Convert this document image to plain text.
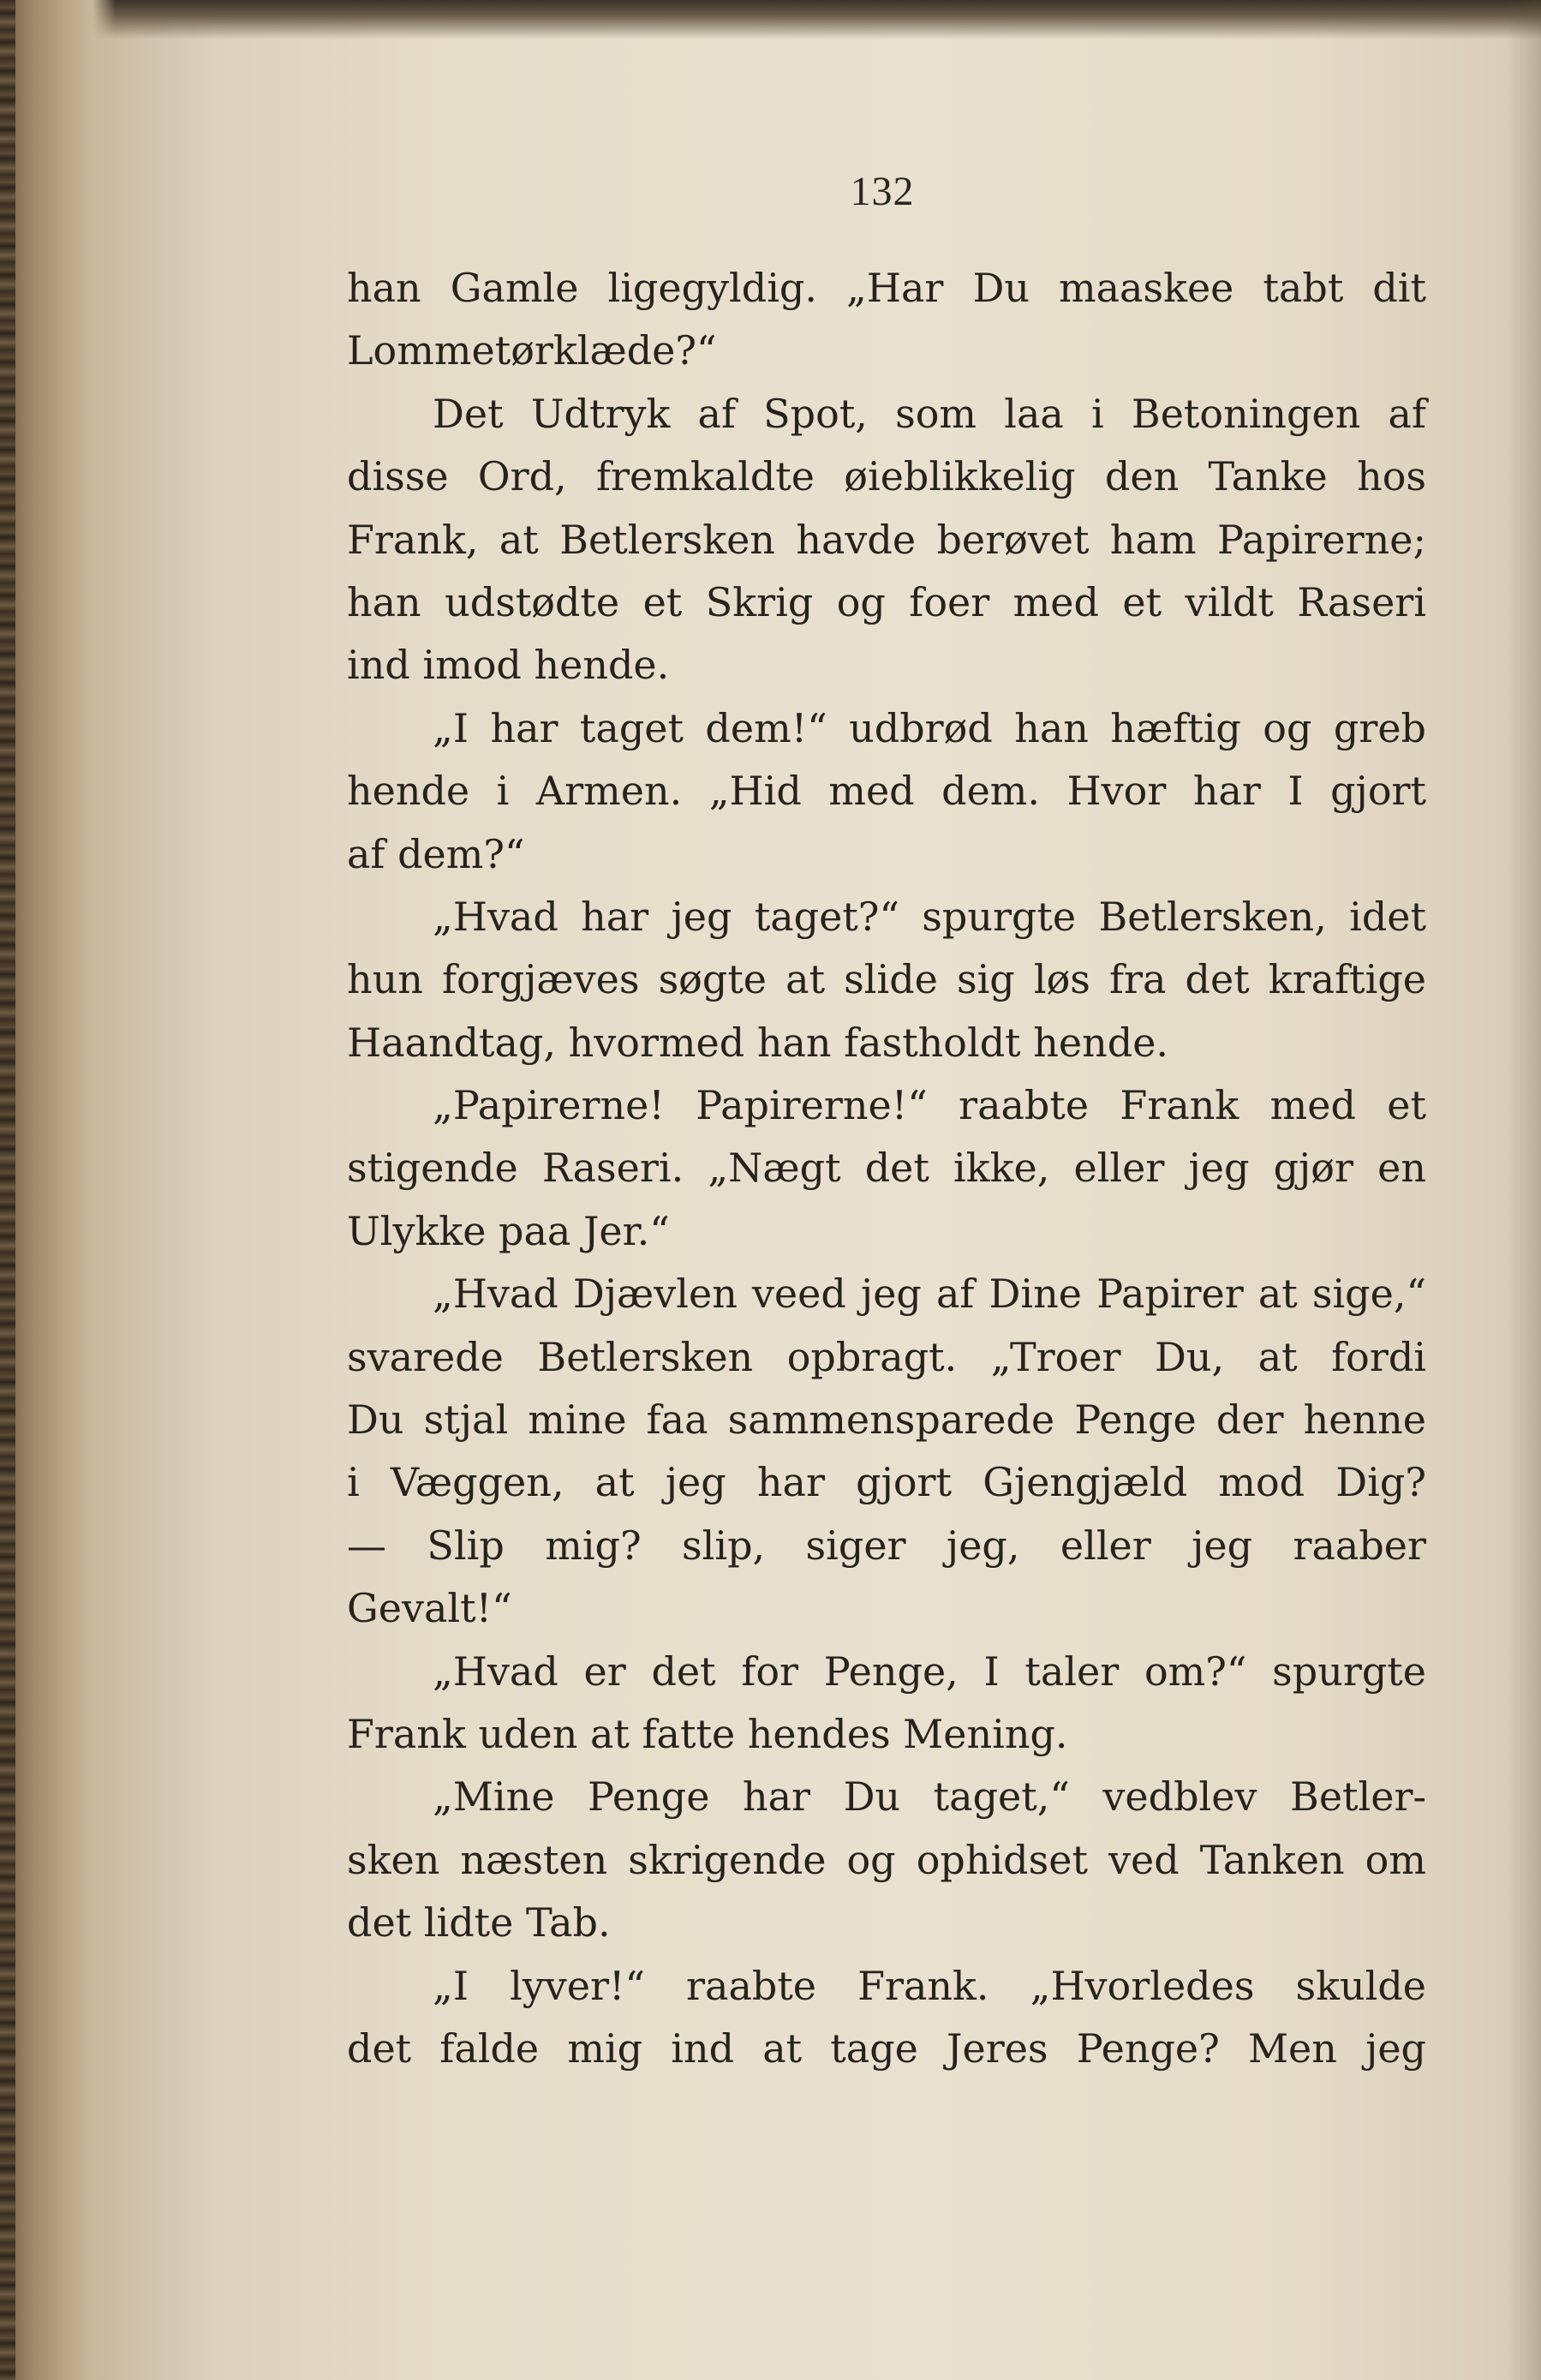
132
han Gamle ligegyldig. „Har Du maaskee tabt dit
Lommetørklæde?“
Det Udtryk af Spot, som laa i Betoningen af
disse Ord, fremkaldte øieblikkelig den Tanke hos
Frank, at Betlersken havde berøvet ham Papirerne;
han udstødte et Skrig og foer med et vildt Raseri
ind imod hende.
„I har taget dem!“ udbrød han hæftig og greb
hende i Armen. „Hid med dem. Hvor har I gjort
af dem?“
„Hvad har jeg taget?“ spurgte Betlersken, idet
hun forgjæves søgte at slide sig løs fra det kraftige
Haandtag, hvormed han fastholdt hende.
„Papirerne! Papirerne!“ raabte Frank med et
stigende Raseri. „Nægt det ikke, eller jeg gjør en
Ulykke paa Jer.“
„Hvad Djævlen veed jeg af Dine Papirer at sige,“
svarede Betlersken opbragt. „Troer Du, at fordi
Du stjal mine faa sammensparede Penge der henne
i Væggen, at jeg har gjort Gjengjæld mod Dig?
— Slip mig? slip, siger jeg, eller jeg raaber
Gevalt!“
„Hvad er det for Penge, I taler om?“ spurgte
Frank uden at fatte hendes Mening.
„Mine Penge har Du taget,“ vedblev Betler-
sken næsten skrigende og ophidset ved Tanken om
det lidte Tab.
„I lyver!“ raabte Frank. „Hvorledes skulde
det falde mig ind at tage Jeres Penge? Men jeg
